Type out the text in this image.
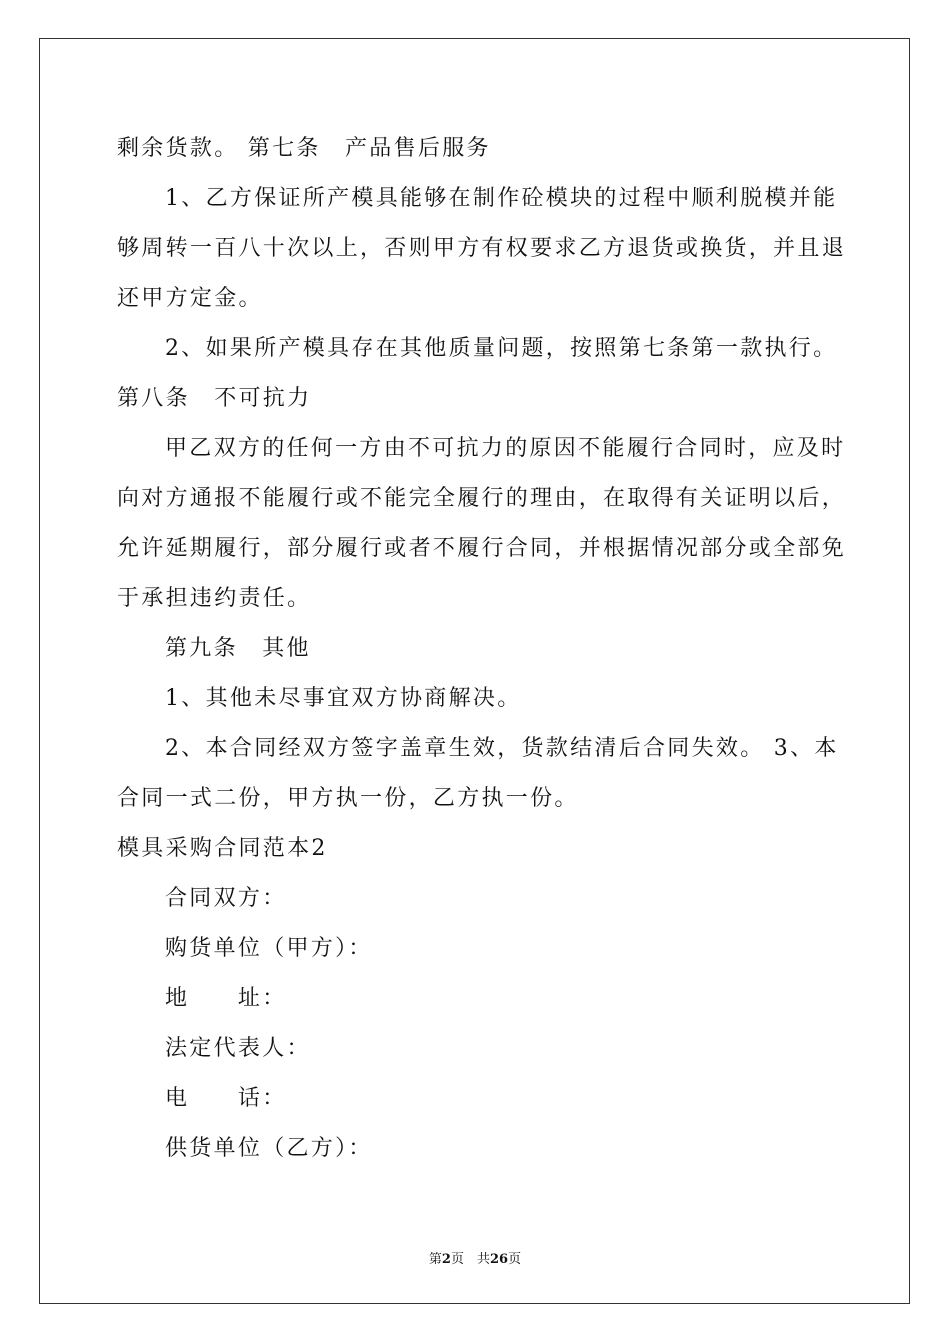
剩余货款。 第七条　产品售后服务

1、乙方保证所产模具能够在制作砼模块的过程中顺利脱模并能

够周转一百八十次以上，否则甲方有权要求乙方退货或换货，并且退

还甲方定金。

2、如果所产模具存在其他质量问题，按照第七条第一款执行。

第八条　不可抗力

甲乙双方的任何一方由不可抗力的原因不能履行合同时，应及时

向对方通报不能履行或不能完全履行的理由，在取得有关证明以后，

允许延期履行，部分履行或者不履行合同，并根据情况部分或全部免

于承担违约责任。

第九条　其他

1、其他未尽事宜双方协商解决。

2、本合同经双方签字盖章生效，货款结清后合同失效。 3、本

合同一式二份，甲方执一份，乙方执一份。

模具采购合同范本2

合同双方：

购货单位（甲方）：

地　　址：

法定代表人：

电　　话：

供货单位（乙方）：

第2页　共26页
